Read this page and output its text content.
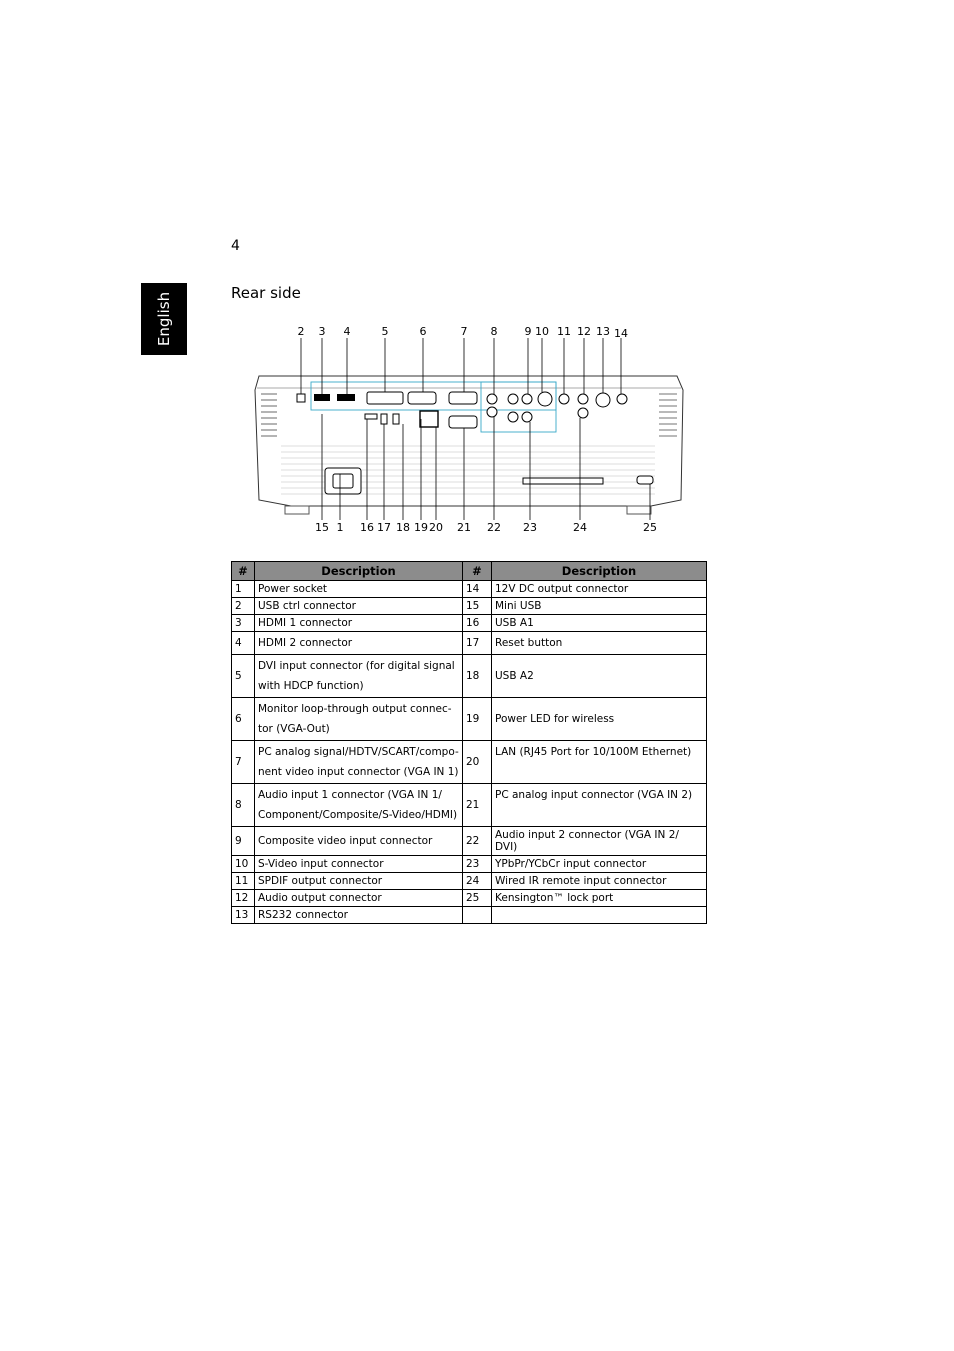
4
English	Rear side
2 3 4	5	6	7 8 9 10 11 12 13 14
15 1 16 17 18 19 20 21 22 23	24	25
#	Description	#	Description
1	Power socket	14	12V DC output connector
2	USB ctrl connector	15	Mini USB
3	HDMI 1 connector	16	USB A1
4	HDMI 2 connector	17	Reset button
5	DVI input connector (for digital signal with HDCP function)	18	USB A2
6	Monitor loop-through output connec-tor (VGA-Out)	19	Power LED for wireless
7	PC analog signal/HDTV/SCART/compo-nent video input connector (VGA IN 1)	20	LAN (RJ45 Port for 10/100M Ethernet)
8	Audio input 1 connector (VGA IN 1/ Component/Composite/S-Video/HDMI)	21	PC analog input connector (VGA IN 2)
9	Composite video input connector	22	Audio input 2 connector (VGA IN 2/ DVI)
10	S-Video input connector	23	YPbPr/YCbCr input connector
11	SPDIF output connector	24	Wired IR remote input connector
12	Audio output connector	25	Kensington™ lock port
13	RS232 connector		
